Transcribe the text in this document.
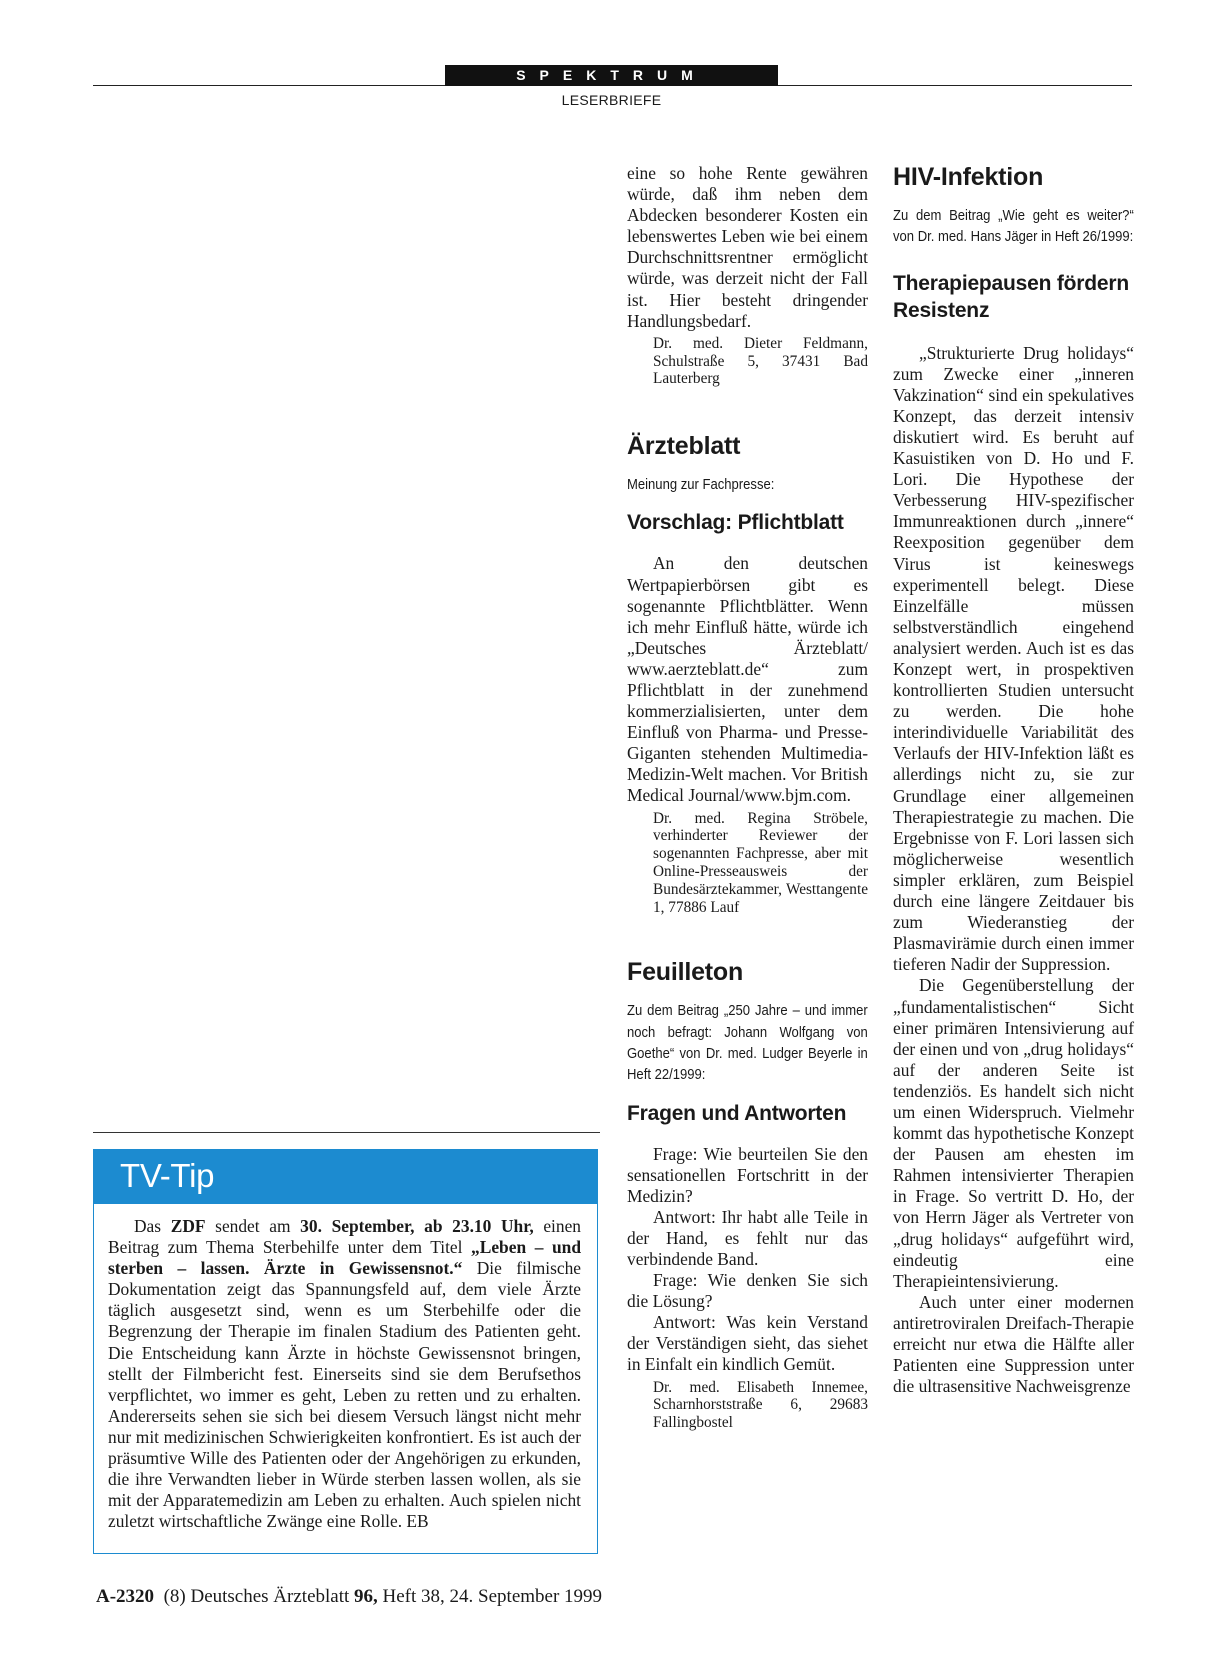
SPEKTRUM
LESERBRIEFE

eine so hohe Rente gewähren würde, daß ihm neben dem Abdecken besonderer Kosten ein lebenswertes Leben wie bei einem Durchschnittsrentner ermöglicht würde, was derzeit nicht der Fall ist. Hier besteht dringender Handlungsbedarf.

Dr. med. Dieter Feldmann, Schulstraße 5, 37431 Bad Lauterberg
Ärzteblatt
Meinung zur Fachpresse:
Vorschlag: Pflichtblatt

An den deutschen Wertpapierbörsen gibt es sogenannte Pflichtblätter. Wenn ich mehr Einfluß hätte, würde ich „Deutsches Ärzteblatt/ www.aerzteblatt.de“ zum Pflichtblatt in der zunehmend kommerzialisierten, unter dem Einfluß von Pharma- und Presse-Giganten stehenden Multimedia-Medizin-Welt machen. Vor British Medical Journal/www.bjm.com.

Dr. med. Regina Ströbele, verhinderter Reviewer der sogenannten Fachpresse, aber mit Online-Presseausweis der Bundesärztekammer, Westtangente 1, 77886 Lauf
Feuilleton
Zu dem Beitrag „250 Jahre – und immer noch befragt: Johann Wolfgang von Goethe“ von Dr. med. Ludger Beyerle in Heft 22/1999:
Fragen und Antworten

Frage: Wie beurteilen Sie den sensationellen Fortschritt in der Medizin?

Antwort: Ihr habt alle Teile in der Hand, es fehlt nur das verbindende Band.

Frage: Wie denken Sie sich die Lösung?

Antwort: Was kein Verstand der Verständigen sieht, das siehet in Einfalt ein kindlich Gemüt.

Dr. med. Elisabeth Innemee, Scharnhorststraße 6, 29683 Fallingbostel
HIV-Infektion
Zu dem Beitrag „Wie geht es weiter?“ von Dr. med. Hans Jäger in Heft 26/1999:
Therapiepausen fördern Resistenz

„Strukturierte Drug holidays“ zum Zwecke einer „inneren Vakzination“ sind ein spekulatives Konzept, das derzeit intensiv diskutiert wird. Es beruht auf Kasuistiken von D. Ho und F. Lori. Die Hypothese der Verbesserung HIV-spezifischer Immunreaktionen durch „innere“ Reexposition gegenüber dem Virus ist keineswegs experimentell belegt. Diese Einzelfälle müssen selbstverständlich eingehend analysiert werden. Auch ist es das Konzept wert, in prospektiven kontrollierten Studien untersucht zu werden. Die hohe interindividuelle Variabilität des Verlaufs der HIV-Infektion läßt es allerdings nicht zu, sie zur Grundlage einer allgemeinen Therapiestrategie zu machen. Die Ergebnisse von F. Lori lassen sich möglicherweise wesentlich simpler erklären, zum Beispiel durch eine längere Zeitdauer bis zum Wiederanstieg der Plasmavirämie durch einen immer tieferen Nadir der Suppression.

Die Gegenüberstellung der „fundamentalistischen“ Sicht einer primären Intensivierung auf der einen und von „drug holidays“ auf der anderen Seite ist tendenziös. Es handelt sich nicht um einen Widerspruch. Vielmehr kommt das hypothetische Konzept der Pausen am ehesten im Rahmen intensivierter Therapien in Frage. So vertritt D. Ho, der von Herrn Jäger als Vertreter von „drug holidays“ aufgeführt wird, eindeutig eine Therapieintensivierung.

Auch unter einer modernen antiretroviralen Dreifach-Therapie erreicht nur etwa die Hälfte aller Patienten eine Suppression unter die ultrasensitive Nachweisgrenze

TV-Tip
Das ZDF sendet am 30. September, ab 23.10 Uhr, einen Beitrag zum Thema Sterbehilfe unter dem Titel „Leben – und sterben – lassen. Ärzte in Gewissensnot.“ Die filmische Dokumentation zeigt das Spannungsfeld auf, dem viele Ärzte täglich ausgesetzt sind, wenn es um Sterbehilfe oder die Begrenzung der Therapie im finalen Stadium des Patienten geht. Die Entscheidung kann Ärzte in höchste Gewissensnot bringen, stellt der Filmbericht fest. Einerseits sind sie dem Berufsethos verpflichtet, wo immer es geht, Leben zu retten und zu erhalten. Andererseits sehen sie sich bei diesem Versuch längst nicht mehr nur mit medizinischen Schwierigkeiten konfrontiert. Es ist auch der präsumtive Wille des Patienten oder der Angehörigen zu erkunden, die ihre Verwandten lieber in Würde sterben lassen wollen, als sie mit der Apparatemedizin am Leben zu erhalten. Auch spielen nicht zuletzt wirtschaftliche Zwänge eine Rolle. EB
A-2320  (8) Deutsches Ärzteblatt 96, Heft 38, 24. September 1999
